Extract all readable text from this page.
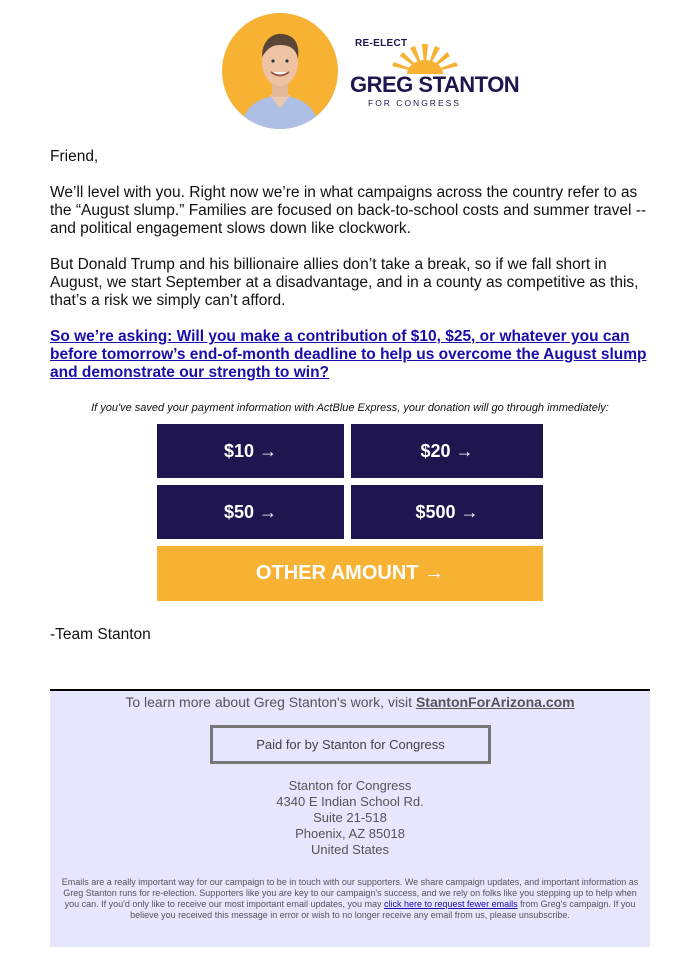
RE-ELECT
GREG STANTON
FOR CONGRESS

Friend,

We’ll level with you. Right now we’re in what campaigns across the country refer to as the “August slump.” Families are focused on back-to-school costs and summer travel -- and political engagement slows down like clockwork.

But Donald Trump and his billionaire allies don’t take a break, so if we fall short in August, we start September at a disadvantage, and in a county as competitive as this, that’s a risk we simply can’t afford.

So we’re asking: Will you make a contribution of $10, $25, or whatever you can before tomorrow’s end-of-month deadline to help us overcome the August slump and demonstrate our strength to win?

If you've saved your payment information with ActBlue Express, your donation will go through immediately:
$10 →	$20 →
$50 →	$500 →
OTHER AMOUNT →
-Team Stanton
To learn more about Greg Stanton's work, visit StantonForArizona.com
Paid for by Stanton for Congress
Stanton for Congress
4340 E Indian School Rd.
Suite 21-518
Phoenix, AZ 85018
United States
Emails are a really important way for our campaign to be in touch with our supporters. We share campaign updates, and important information as Greg Stanton runs for re-election. Supporters like you are key to our campaign's success, and we rely on folks like you stepping up to help when you can. If you'd only like to receive our most important email updates, you may click here to request fewer emails from Greg's campaign. If you believe you received this message in error or wish to no longer receive any email from us, please unsubscribe.
